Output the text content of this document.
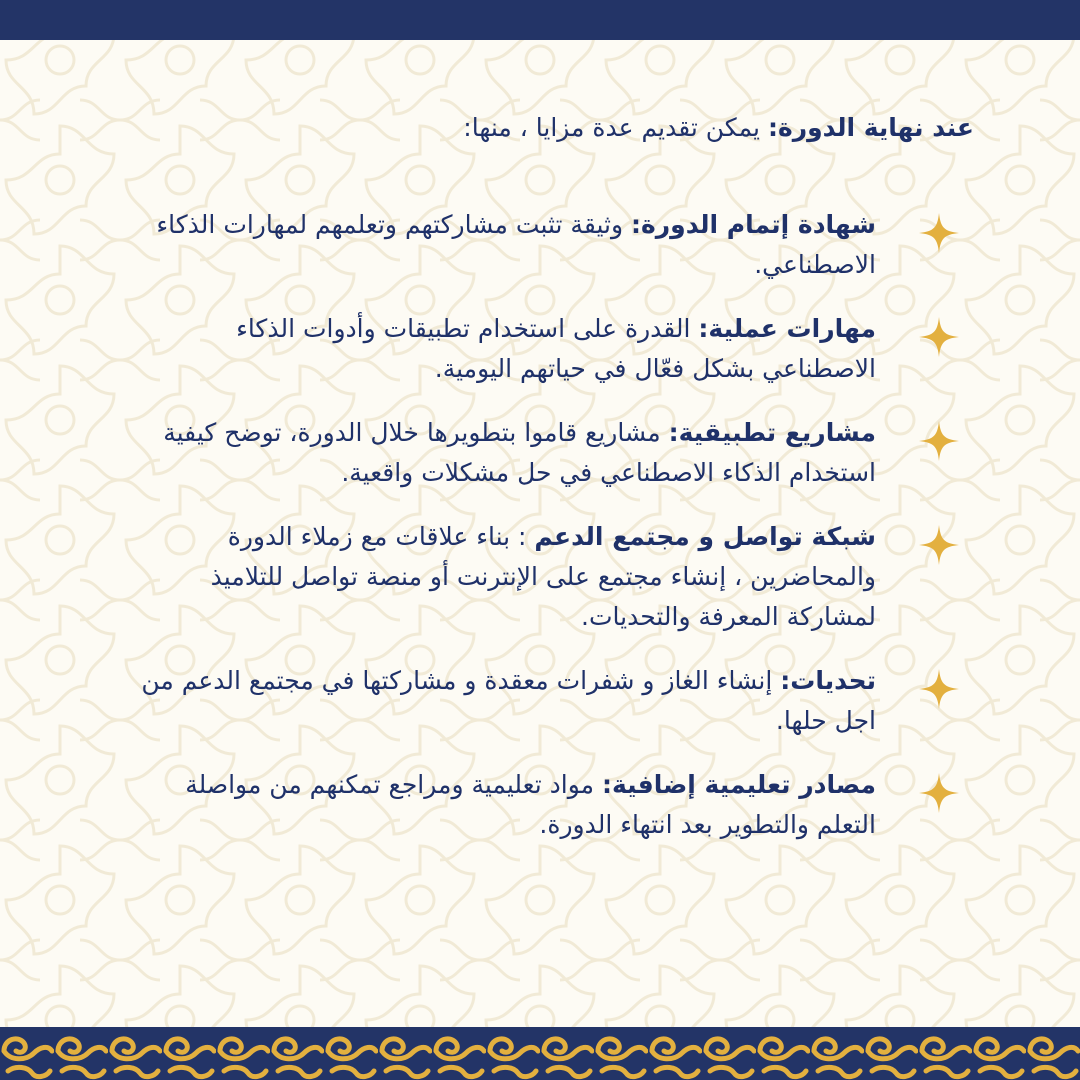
عند نهاية الدورة: يمكن تقديم عدة مزايا ، منها:

شهادة إتمام الدورة: وثيقة تثبت مشاركتهم وتعلمهم لمهارات الذكاء الاصطناعي.
مهارات عملية: القدرة على استخدام تطبيقات وأدوات الذكاء الاصطناعي بشكل فعّال في حياتهم اليومية.
مشاريع تطبيقية: مشاريع قاموا بتطويرها خلال الدورة، توضح كيفية استخدام الذكاء الاصطناعي في حل مشكلات واقعية.
شبكة تواصل و مجتمع الدعم : بناء علاقات مع زملاء الدورة والمحاضرين ، إنشاء مجتمع على الإنترنت أو منصة تواصل للتلاميذ لمشاركة المعرفة والتحديات.
تحديات: إنشاء الغاز و شفرات معقدة و مشاركتها في مجتمع الدعم من اجل حلها.
مصادر تعليمية إضافية: مواد تعليمية ومراجع تمكنهم من مواصلة التعلم والتطوير بعد انتهاء الدورة.
